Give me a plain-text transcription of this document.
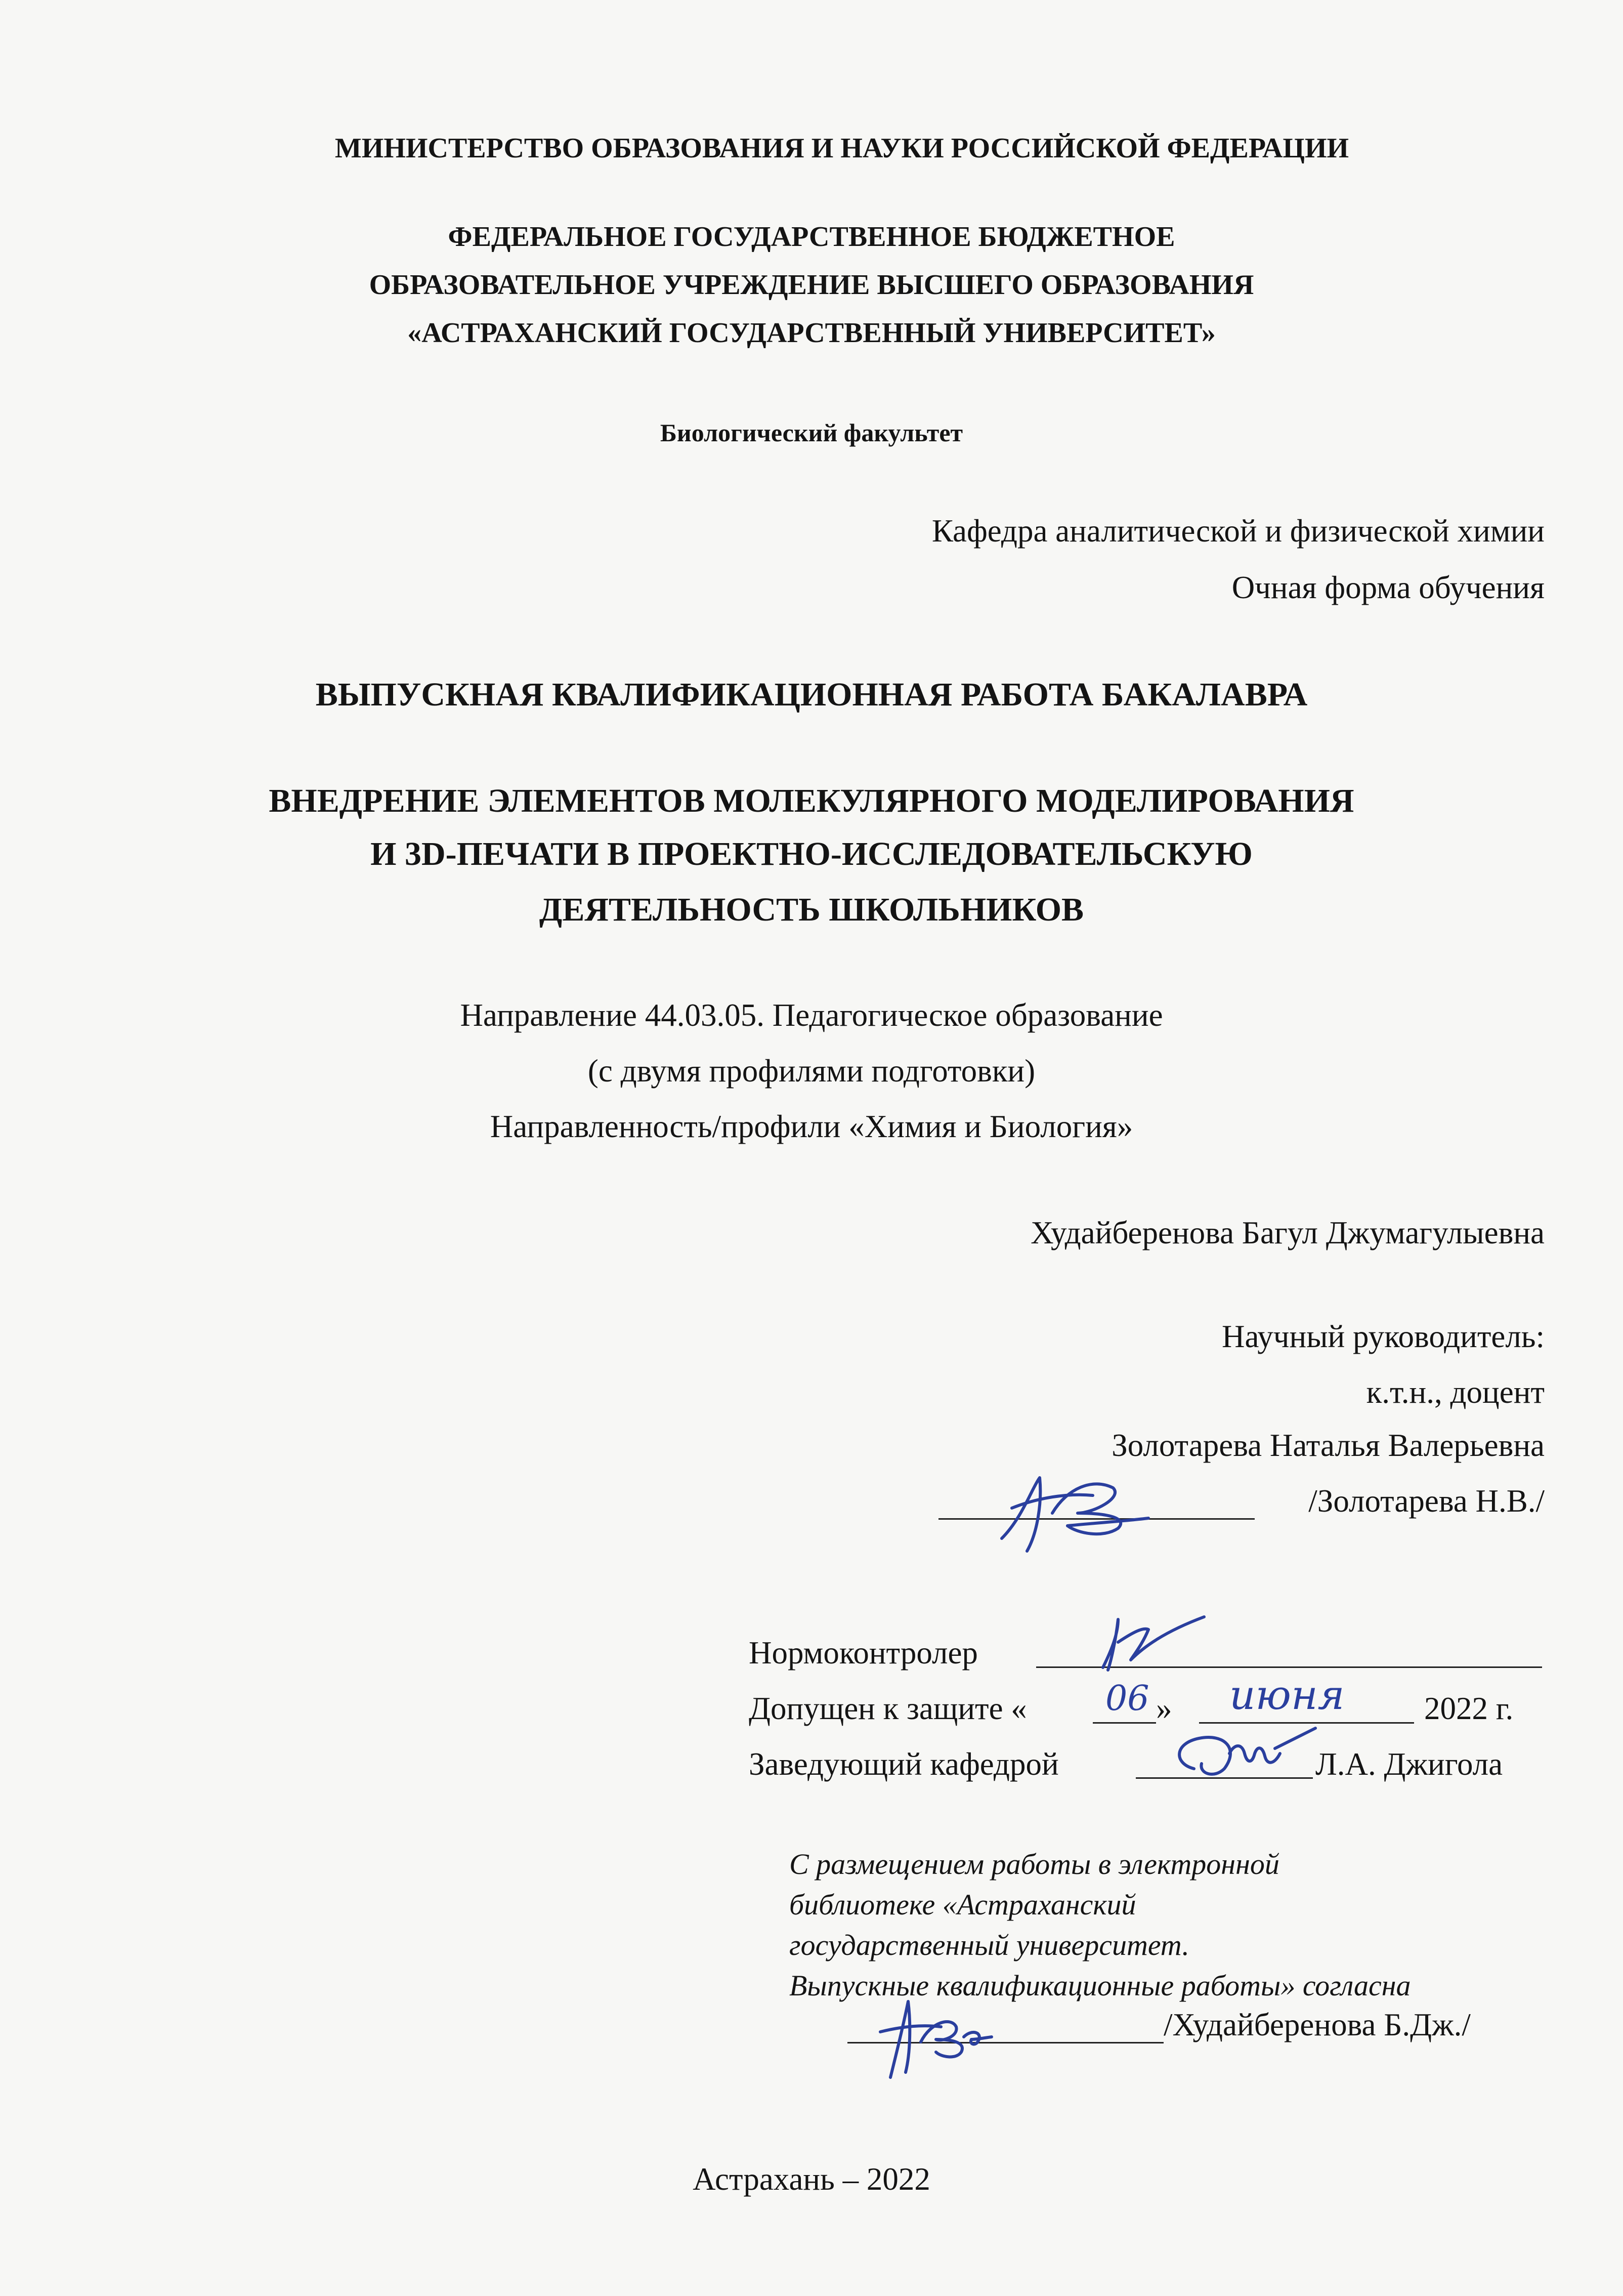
МИНИСТЕРСТВО ОБРАЗОВАНИЯ И НАУКИ РОССИЙСКОЙ ФЕДЕРАЦИИ
ФЕДЕРАЛЬНОЕ ГОСУДАРСТВЕННОЕ БЮДЖЕТНОЕ
ОБРАЗОВАТЕЛЬНОЕ УЧРЕЖДЕНИЕ ВЫСШЕГО ОБРАЗОВАНИЯ
«АСТРАХАНСКИЙ ГОСУДАРСТВЕННЫЙ УНИВЕРСИТЕТ»
Биологический факультет
Кафедра аналитической и физической химии
Очная форма обучения
ВЫПУСКНАЯ КВАЛИФИКАЦИОННАЯ РАБОТА БАКАЛАВРА
ВНЕДРЕНИЕ ЭЛЕМЕНТОВ МОЛЕКУЛЯРНОГО МОДЕЛИРОВАНИЯ
И 3D-ПЕЧАТИ В ПРОЕКТНО-ИССЛЕДОВАТЕЛЬСКУЮ
ДЕЯТЕЛЬНОСТЬ ШКОЛЬНИКОВ
Направление 44.03.05. Педагогическое образование
(с двумя профилями подготовки)
Направленность/профили «Химия и Биология»
Худайберенова Багул Джумагулыевна
Научный руководитель:
к.т.н., доцент
Золотарева Наталья Валерьевна
/Золотарева Н.В./
Нормоконтролер
Допущен к защите « 06 » июня 2022 г.
Заведующий кафедрой	Л.А. Джигола
С размещением работы в электронной
библиотеке «Астраханский
государственный университет.
Выпускные квалификационные работы» согласна
/Худайберенова Б.Дж./
Астрахань – 2022
